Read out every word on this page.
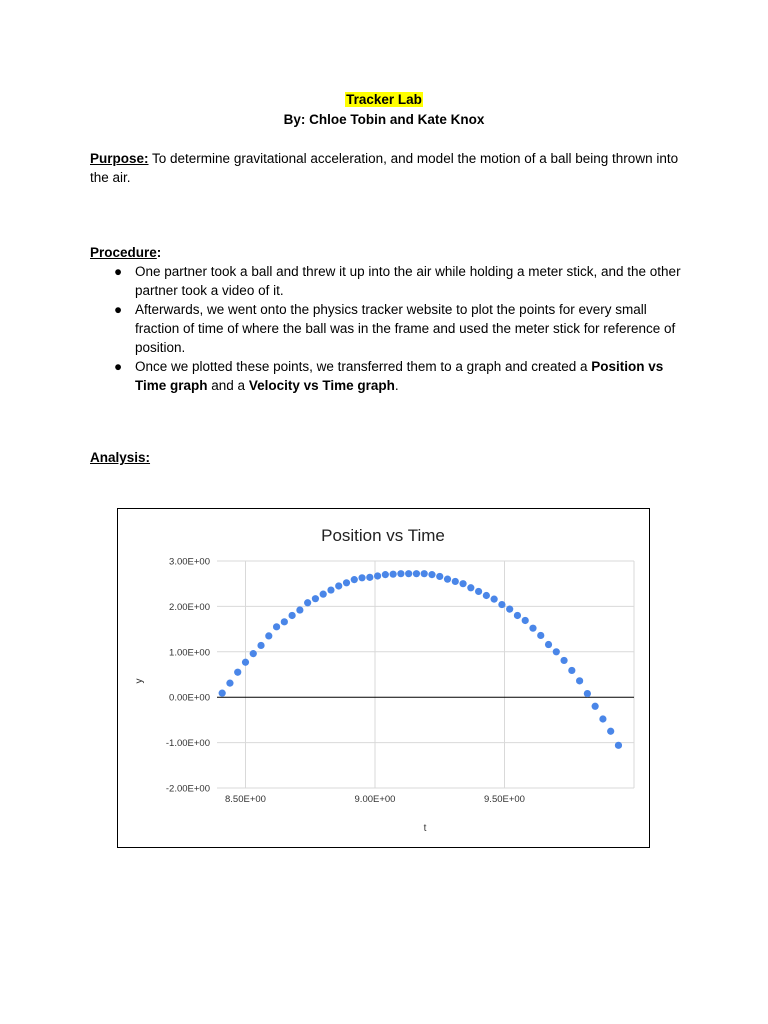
Tracker Lab
By: Chloe Tobin and Kate Knox
Purpose: To determine gravitational acceleration, and model the motion of a ball being thrown into the air.
Procedure:
● One partner took a ball and threw it up into the air while holding a meter stick, and the other partner took a video of it.
● Afterwards, we went onto the physics tracker website to plot the points for every small fraction of time of where the ball was in the frame and used the meter stick for reference of position.
● Once we plotted these points, we transferred them to a graph and created a Position vs Time graph and a Velocity vs Time graph.
Analysis:
3.00E+00
2.00E+00
1.00E+00
0.00E+00
-1.00E+00
-2.00E+00
8.50E+00	9.00E+00	9.50E+00
Position vs Time
t
y
